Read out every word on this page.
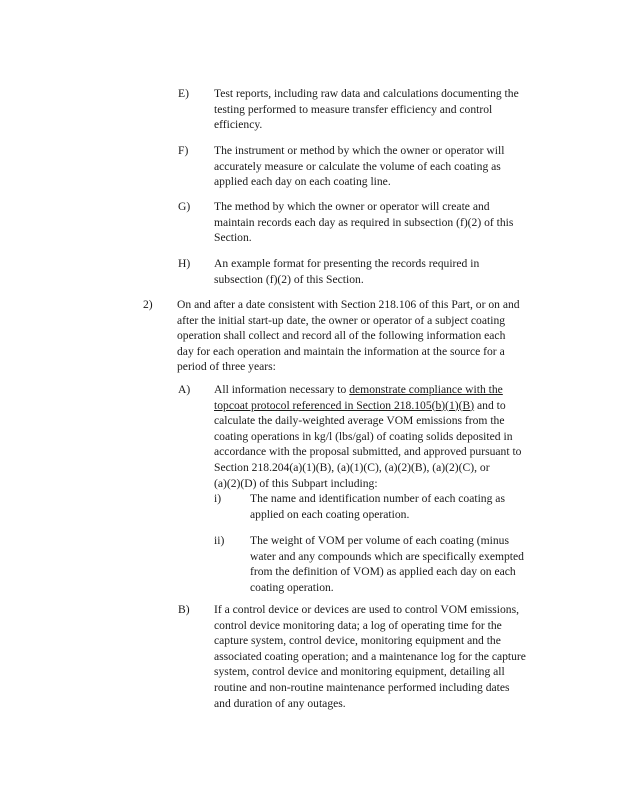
E) Test reports, including raw data and calculations documenting the
testing performed to measure transfer efficiency and control
efficiency.
F) The instrument or method by which the owner or operator will
accurately measure or calculate the volume of each coating as
applied each day on each coating line.
G) The method by which the owner or operator will create and
maintain records each day as required in subsection (f)(2) of this
Section.
H) An example format for presenting the records required in
subsection (f)(2) of this Section.
2) On and after a date consistent with Section 218.106 of this Part, or on and
after the initial start-up date, the owner or operator of a subject coating
operation shall collect and record all of the following information each
day for each operation and maintain the information at the source for a
period of three years:
A) All information necessary to demonstrate compliance with the
topcoat protocol referenced in Section 218.105(b)(1)(B) and to
calculate the daily-weighted average VOM emissions from the
coating operations in kg/l (lbs/gal) of coating solids deposited in
accordance with the proposal submitted, and approved pursuant to
Section 218.204(a)(1)(B), (a)(1)(C), (a)(2)(B), (a)(2)(C), or
(a)(2)(D) of this Subpart including:
i) The name and identification number of each coating as
applied on each coating operation.
ii) The weight of VOM per volume of each coating (minus
water and any compounds which are specifically exempted
from the definition of VOM) as applied each day on each
coating operation.
B) If a control device or devices are used to control VOM emissions,
control device monitoring data; a log of operating time for the
capture system, control device, monitoring equipment and the
associated coating operation; and a maintenance log for the capture
system, control device and monitoring equipment, detailing all
routine and non-routine maintenance performed including dates
and duration of any outages.
